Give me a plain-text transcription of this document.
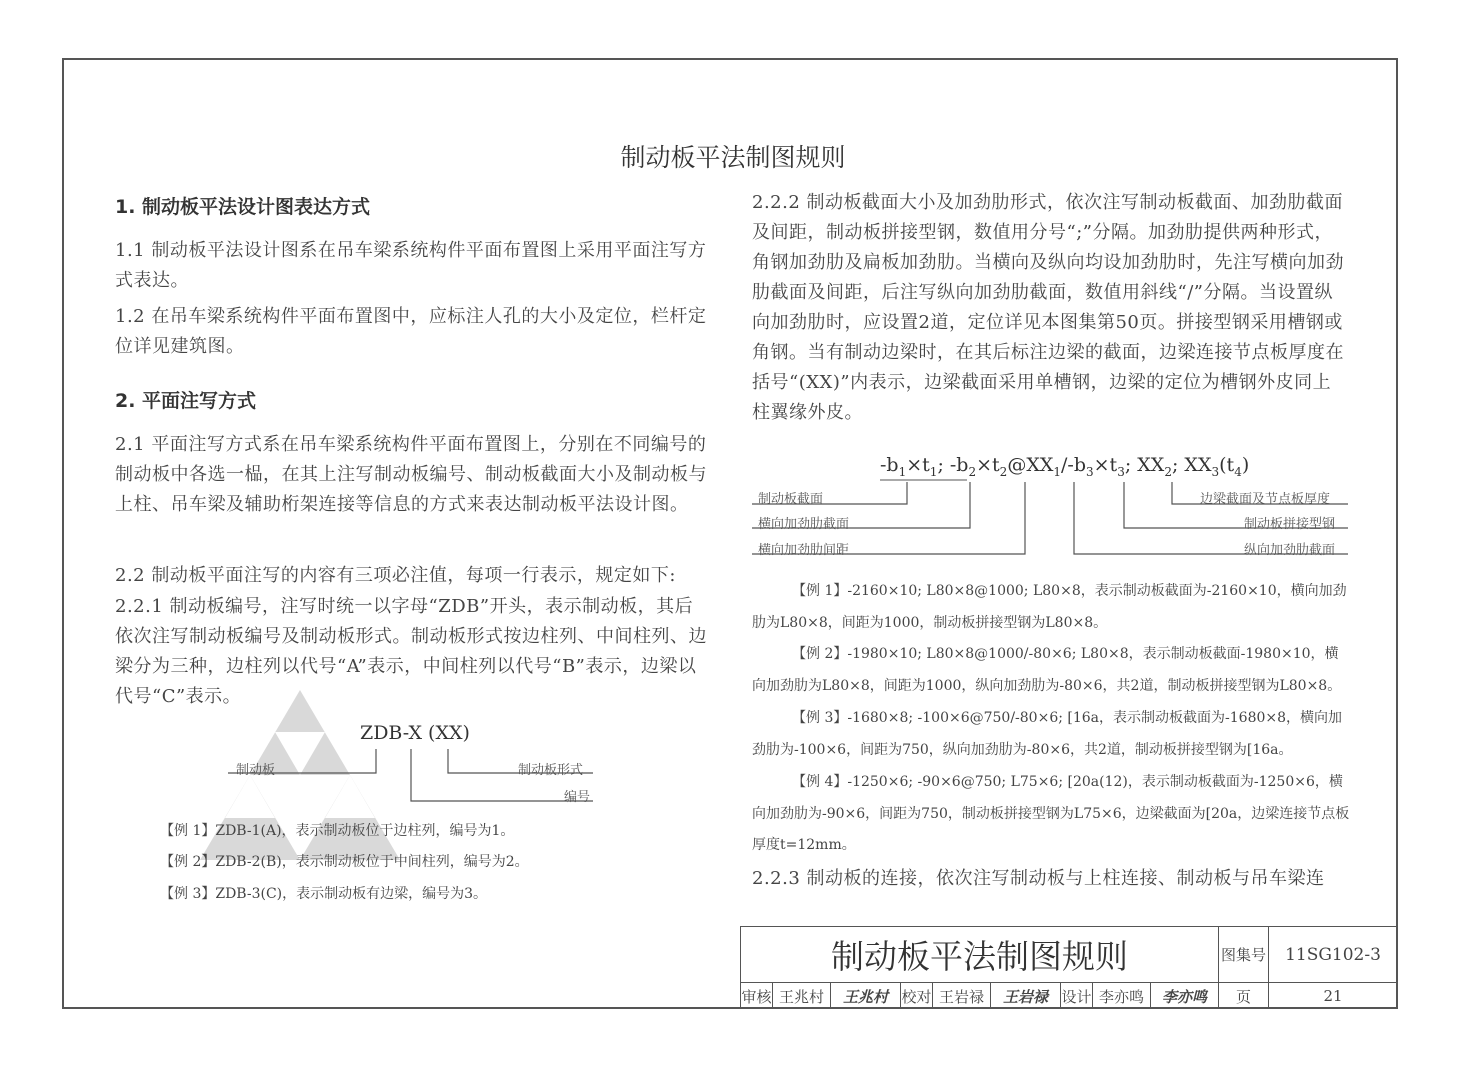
制动板平法制图规则
1. 制动板平法设计图表达方式
1.1 制动板平法设计图系在吊车梁系统构件平面布置图上采用平面注写方式表达。
1.2 在吊车梁系统构件平面布置图中，应标注人孔的大小及定位，栏杆定位详见建筑图。
2. 平面注写方式
2.1 平面注写方式系在吊车梁系统构件平面布置图上，分别在不同编号的制动板中各选一榀，在其上注写制动板编号、制动板截面大小及制动板与上柱、吊车梁及辅助桁架连接等信息的方式来表达制动板平法设计图。
2.2 制动板平面注写的内容有三项必注值，每项一行表示，规定如下:
2.2.1 制动板编号，注写时统一以字母“ZDB”开头，表示制动板，其后依次注写制动板编号及制动板形式。制动板形式按边柱列、中间柱列、边梁分为三种，边柱列以代号“A”表示，中间柱列以代号“B”表示，边梁以代号“C”表示。
ZDB-X (XX)
制动板	制动板形式
编号
【例 1】ZDB-1(A)，表示制动板位于边柱列，编号为1。
【例 2】ZDB-2(B)，表示制动板位于中间柱列，编号为2。
【例 3】ZDB-3(C)，表示制动板有边梁，编号为3。
2.2.2 制动板截面大小及加劲肋形式，依次注写制动板截面、加劲肋截面及间距，制动板拼接型钢，数值用分号“;”分隔。加劲肋提供两种形式，角钢加劲肋及扁板加劲肋。当横向及纵向均设加劲肋时，先注写横向加劲肋截面及间距，后注写纵向加劲肋截面，数值用斜线“/”分隔。当设置纵向加劲肋时，应设置2道，定位详见本图集第50页。拼接型钢采用槽钢或角钢。当有制动边梁时，在其后标注边梁的截面，边梁连接节点板厚度在括号“(XX)”内表示，边梁截面采用单槽钢，边梁的定位为槽钢外皮同上柱翼缘外皮。
$-b_1\times t_1$; $-b_2\times t_2@XX_1/-b_3\times t_3$; $XX_2$; $XX_3(t_4)$
制动板截面
横向加劲肋截面
横向加劲肋间距
边梁截面及节点板厚度
制动板拼接型钢
纵向加劲肋截面
【例 1】-2160×10; L80×8@1000; L80×8，表示制动板截面为-2160×10，横向加劲肋为L80×8，间距为1000，制动板拼接型钢为L80×8。
【例 2】-1980×10; L80×8@1000/-80×6; L80×8，表示制动板截面-1980×10，横向加劲肋为L80×8，间距为1000，纵向加劲肋为-80×6，共2道，制动板拼接型钢为L80×8。
【例 3】-1680×8; -100×6@750/-80×6; [16a，表示制动板截面为-1680×8，横向加劲肋为-100×6，间距为750，纵向加劲肋为-80×6，共2道，制动板拼接型钢为[16a。
【例 4】-1250×6; -90×6@750; L75×6; [20a(12)，表示制动板截面为-1250×6，横向加劲肋为-90×6，间距为750，制动板拼接型钢为L75×6，边梁截面为[20a，边梁连接节点板厚度t=12mm。
2.2.3 制动板的连接，依次注写制动板与上柱连接、制动板与吊车梁连
制动板平法制图规则	图集号	11SG102-3
审核 王兆村	王兆村 校对 王岩禄	王岩禄 设计 李亦鸣	李亦鸣	页	21
